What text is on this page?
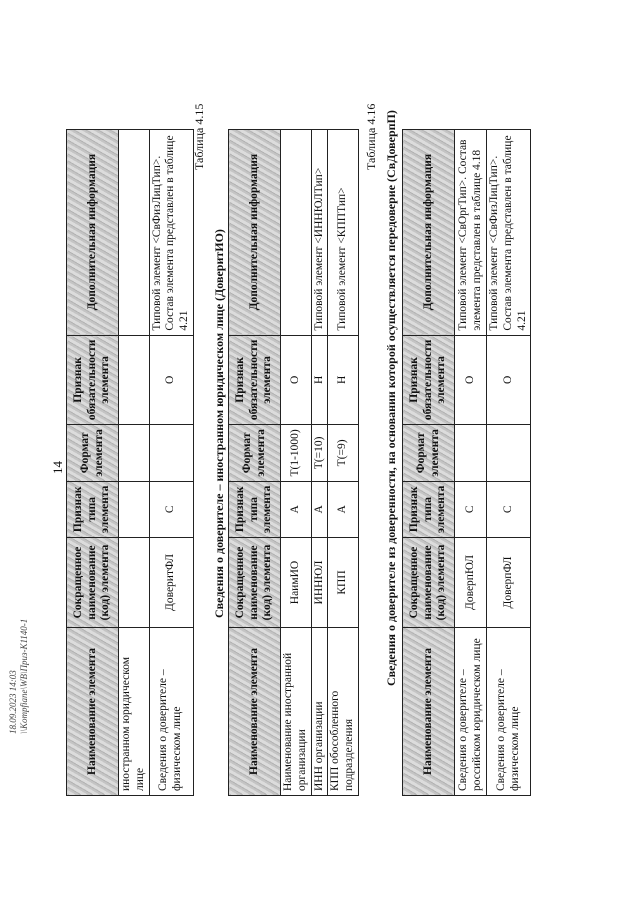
14
Наименование элемента	Сокращенное наименование (код) элемента	Признак типа элемента	Формат элемента	Признак обязательности элемента	Дополнительная информация
иностранном юридическом лице					
Сведения о доверителе – физическом лице	ДоверитФЛ	С		О	Типовой элемент <СвФизЛицТип>. Состав элемента представлен в таблице 4.21
Таблица 4.15
Сведения о доверителе – иностранном юридическом лице (ДоверитИО)
Наименование элемента	Сокращенное наименование (код) элемента	Признак типа элемента	Формат элемента	Признак обязательности элемента	Дополнительная информация
Наименование иностранной организации	НаимИО	А	T(1-1000)	О	
ИНН организации	ИННЮЛ	А	T(=10)	Н	Типовой элемент <ИННЮЛТип>
КПП обособленного подразделения	КПП	А	T(=9)	Н	Типовой элемент <КППТип>
Таблица 4.16 Сведения о доверителе из доверенности, на основании которой осуществляется передоверие (СвДоверпП)
Наименование элемента	Сокращенное наименование (код) элемента	Признак типа элемента	Формат элемента	Признак обязательности элемента	Дополнительная информация
Сведения о доверителе – российском юридическом лице	ДоверпЮЛ	С		О	Типовой элемент <СвОргТип>. Состав элемента представлен в таблице 4.18
Сведения о доверителе – физическом лице	ДоверпФЛ	С		О	Типовой элемент <СвФизЛицТип>. Состав элемента представлен в таблице 4.21
18.09.2023 14:03 \\Kompfiane\WB\Приз-К1140-1
